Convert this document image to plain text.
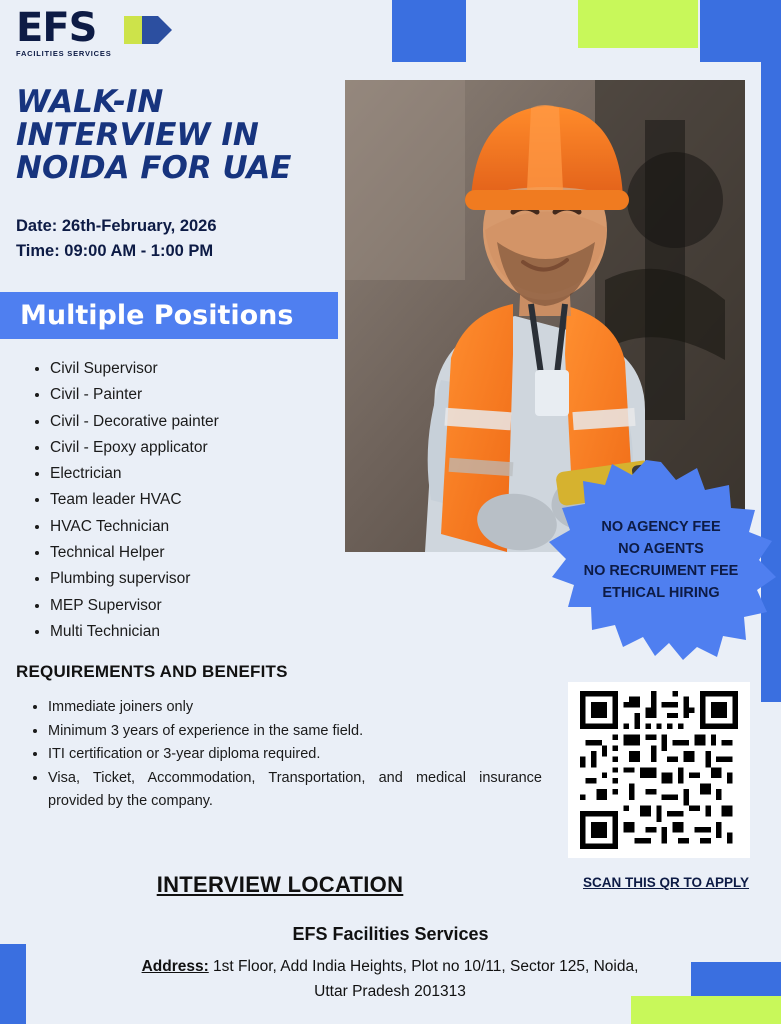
EFS
FACILITIES SERVICES
WALK-IN
INTERVIEW IN
NOIDA FOR UAE
Date: 26th-February, 2026
Time: 09:00 AM - 1:00 PM
Multiple Positions
• Civil Supervisor
• Civil - Painter
• Civil - Decorative painter
• Civil - Epoxy applicator
• Electrician
• Team leader HVAC
• HVAC Technician
• Technical Helper
• Plumbing supervisor
• MEP Supervisor
• Multi Technician
REQUIREMENTS AND BENEFITS
• Immediate joiners only
• Minimum 3 years of experience in the same field.
• ITI certification or 3-year diploma required.
• Visa, Ticket, Accommodation, Transportation, and medical insurance provided by the company.
NO AGENCY FEE
NO AGENTS
NO RECRUIMENT FEE
ETHICAL HIRING
SCAN THIS QR TO APPLY
INTERVIEW LOCATION
EFS Facilities Services
Address: 1st Floor, Add India Heights, Plot no 10/11, Sector 125, Noida,
Uttar Pradesh 201313
